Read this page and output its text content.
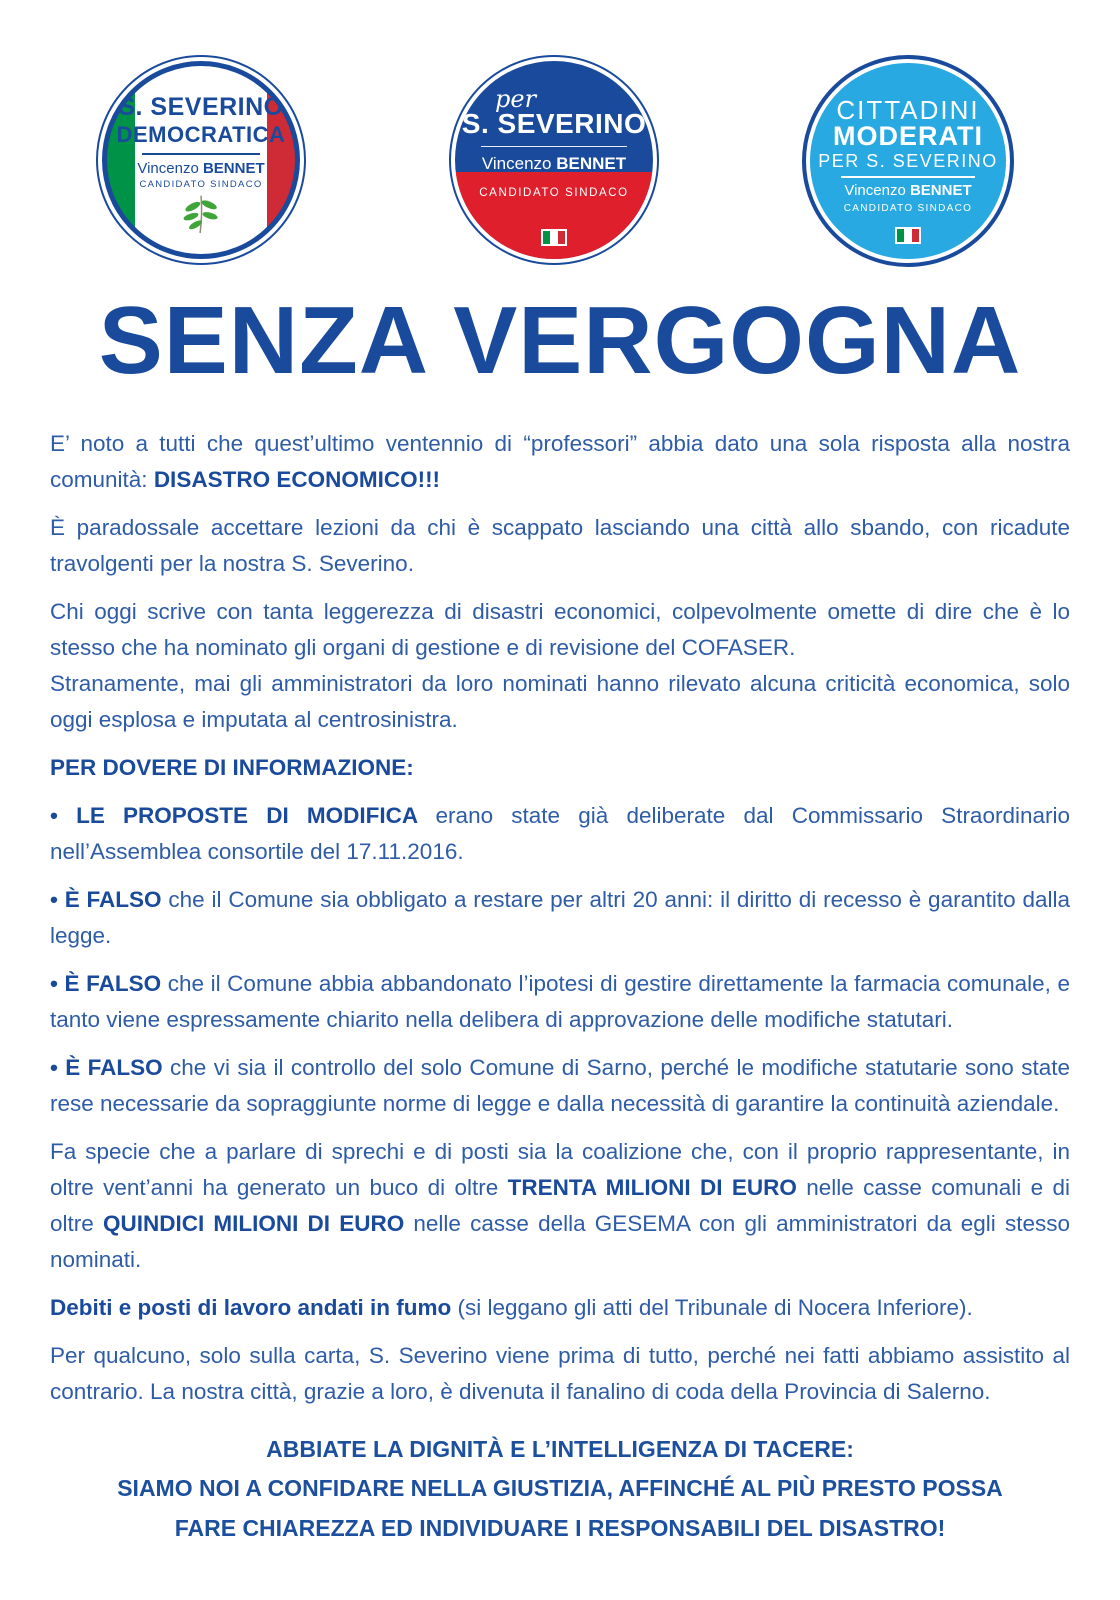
S. SEVERINO
DEMOCRATICA
Vincenzo BENNET
CANDIDATO SINDACO
per
S. SEVERINO
Vincenzo BENNET
CANDIDATO SINDACO
CITTADINI
MODERATI
PER S. SEVERINO
Vincenzo BENNET
CANDIDATO SINDACO
SENZA VERGOGNA

E’ noto a tutti che quest’ultimo ventennio di “professori” abbia dato una sola risposta alla nostra comunità: DISASTRO ECONOMICO!!!

È paradossale accettare lezioni da chi è scappato lasciando una città allo sbando, con ricadute travolgenti per la nostra S. Severino.

Chi oggi scrive con tanta leggerezza di disastri economici, colpevolmente omette di dire che è lo stesso che ha nominato gli organi di gestione e di revisione del COFASER.

Stranamente, mai gli amministratori da loro nominati hanno rilevato alcuna criticità economica, solo oggi esplosa e imputata al centrosinistra.

PER DOVERE DI INFORMAZIONE:

• LE PROPOSTE DI MODIFICA erano state già deliberate dal Commissario Straordinario nell’Assemblea consortile del 17.11.2016.

• È FALSO che il Comune sia obbligato a restare per altri 20 anni: il diritto di recesso è garantito dalla legge.

• È FALSO che il Comune abbia abbandonato l’ipotesi di gestire direttamente la farmacia comunale, e tanto viene espressamente chiarito nella delibera di approvazione delle modifiche statutari.

• È FALSO che vi sia il controllo del solo Comune di Sarno, perché le modifiche statutarie sono state rese necessarie da sopraggiunte norme di legge e dalla necessità di garantire la continuità aziendale.

Fa specie che a parlare di sprechi e di posti sia la coalizione che, con il proprio rappresentante, in oltre vent’anni ha generato un buco di oltre TRENTA MILIONI DI EURO nelle casse comunali e di oltre QUINDICI MILIONI DI EURO nelle casse della GESEMA con gli amministratori da egli stesso nominati.

Debiti e posti di lavoro andati in fumo (si leggano gli atti del Tribunale di Nocera Inferiore).

Per qualcuno, solo sulla carta, S. Severino viene prima di tutto, perché nei fatti abbiamo assistito al contrario. La nostra città, grazie a loro, è divenuta il fanalino di coda della Provincia di Salerno.

ABBIATE LA DIGNITÀ E L’INTELLIGENZA DI TACERE:
SIAMO NOI A CONFIDARE NELLA GIUSTIZIA, AFFINCHÉ AL PIÙ PRESTO POSSA
FARE CHIAREZZA ED INDIVIDUARE I RESPONSABILI DEL DISASTRO!
